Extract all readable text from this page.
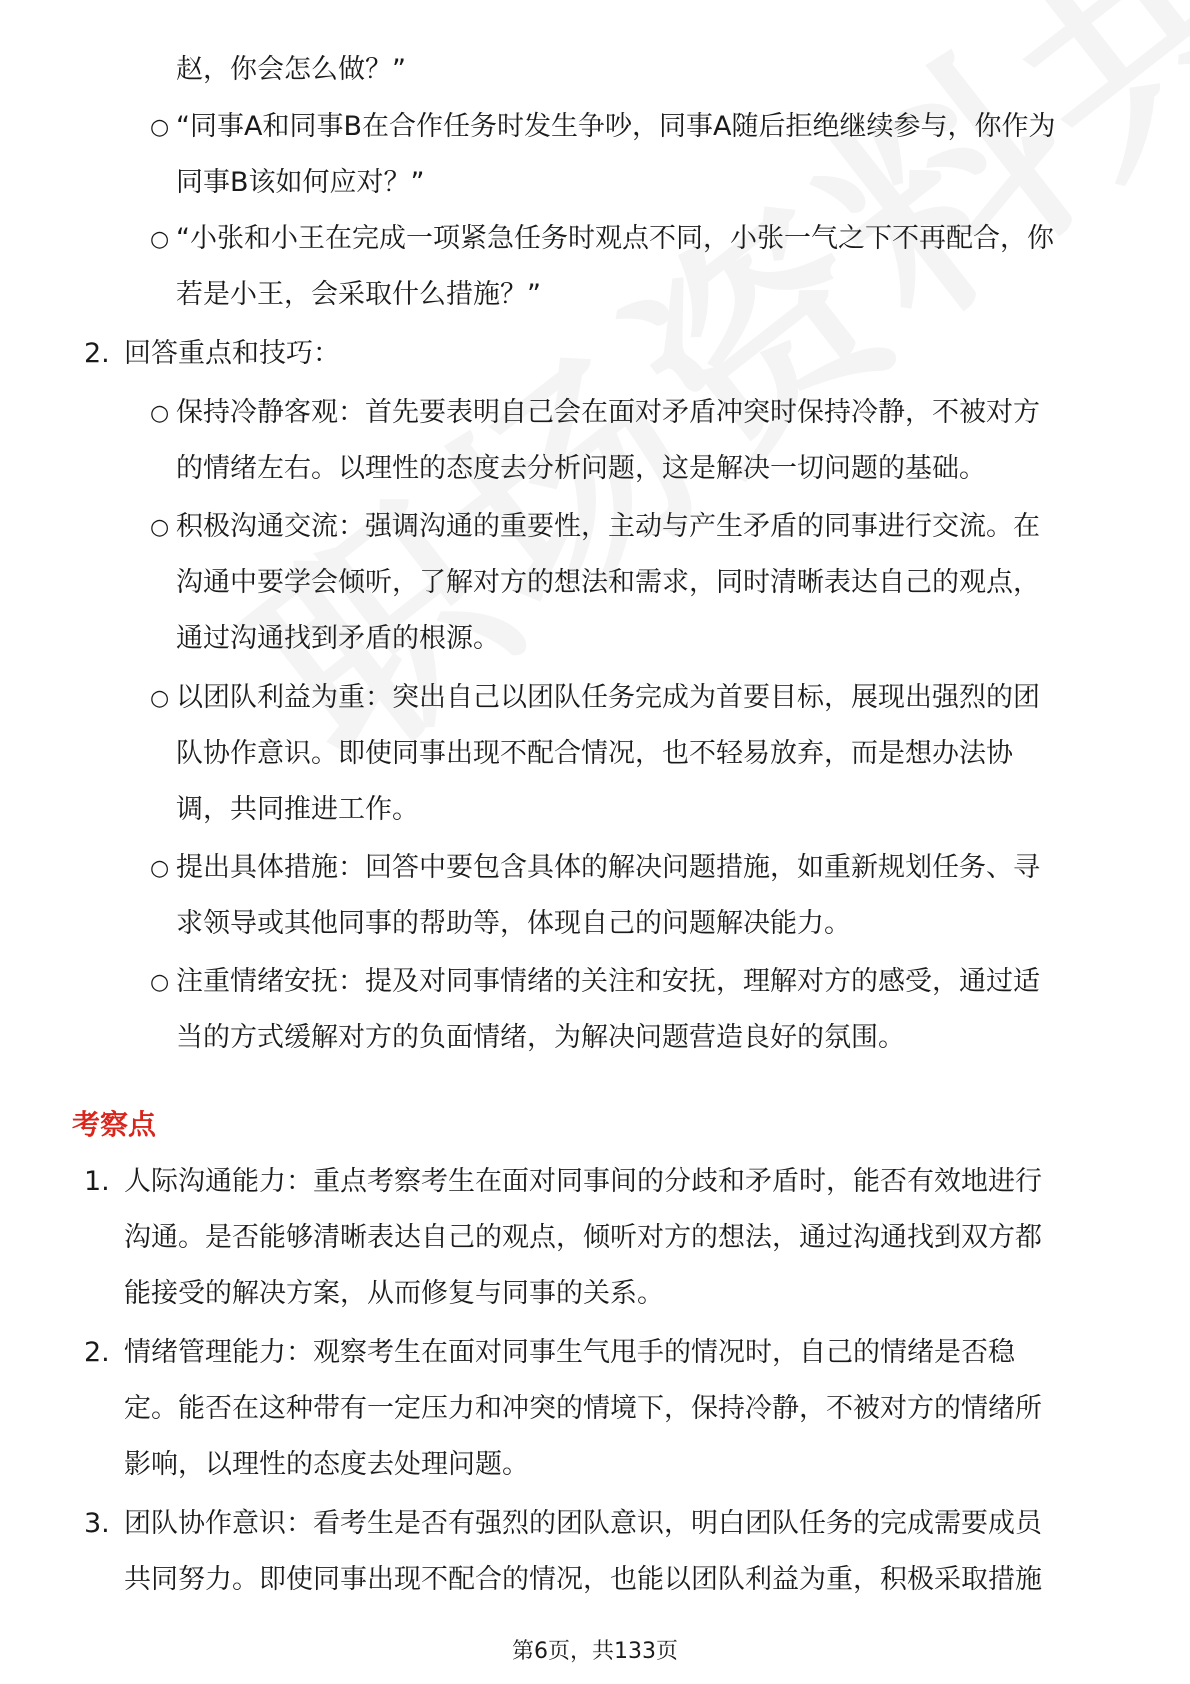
赵，你会怎么做？”
○ “同事A和同事B在合作任务时发生争吵，同事A随后拒绝继续参与，你作为
同事B该如何应对？”
○ “小张和小王在完成一项紧急任务时观点不同，小张一气之下不再配合，你
若是小王，会采取什么措施？”
2. 回答重点和技巧：
○ 保持冷静客观：首先要表明自己会在面对矛盾冲突时保持冷静，不被对方
的情绪左右。以理性的态度去分析问题，这是解决一切问题的基础。
○ 积极沟通交流：强调沟通的重要性，主动与产生矛盾的同事进行交流。在
沟通中要学会倾听，了解对方的想法和需求，同时清晰表达自己的观点，
通过沟通找到矛盾的根源。
○ 以团队利益为重：突出自己以团队任务完成为首要目标，展现出强烈的团
队协作意识。即使同事出现不配合情况，也不轻易放弃，而是想办法协
调，共同推进工作。
○ 提出具体措施：回答中要包含具体的解决问题措施，如重新规划任务、寻
求领导或其他同事的帮助等，体现自己的问题解决能力。
○ 注重情绪安抚：提及对同事情绪的关注和安抚，理解对方的感受，通过适
当的方式缓解对方的负面情绪，为解决问题营造良好的氛围。
考察点
1. 人际沟通能力：重点考察考生在面对同事间的分歧和矛盾时，能否有效地进行
沟通。是否能够清晰表达自己的观点，倾听对方的想法，通过沟通找到双方都
能接受的解决方案，从而修复与同事的关系。
2. 情绪管理能力：观察考生在面对同事生气甩手的情况时，自己的情绪是否稳
定。能否在这种带有一定压力和冲突的情境下，保持冷静，不被对方的情绪所
影响，以理性的态度去处理问题。
3. 团队协作意识：看考生是否有强烈的团队意识，明白团队任务的完成需要成员
共同努力。即使同事出现不配合的情况，也能以团队利益为重，积极采取措施
第6页，共133页
